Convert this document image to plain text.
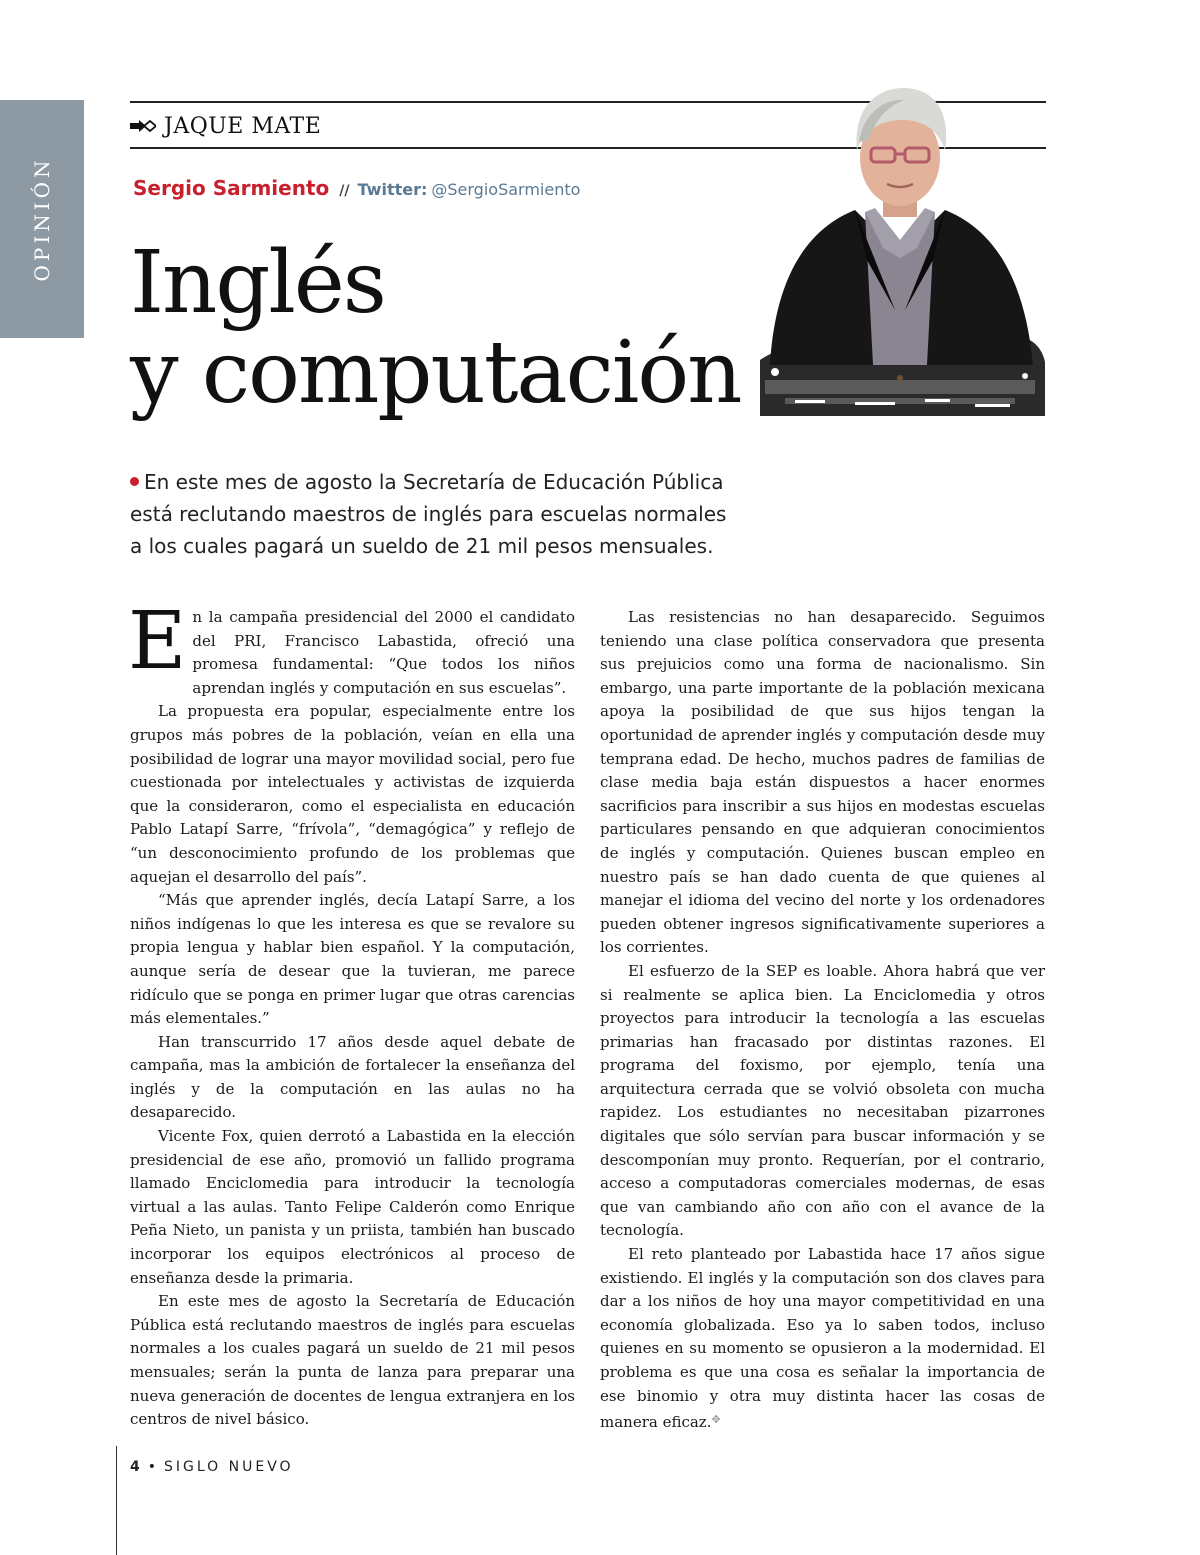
OPINIÓN
JAQUE MATE
Sergio Sarmiento // Twitter: @SergioSarmiento
Inglés
y computación

En este mes de agosto la Secretaría de Educación Pública está reclutando maestros de inglés para escuelas normales a los cuales pagará un sueldo de 21 mil pesos mensuales.

En la campaña presidencial del 2000 el candidato del PRI, Francisco Labastida, ofreció una promesa fundamental: “Que todos los niños aprendan inglés y computación en sus escuelas”.

La propuesta era popular, especialmente entre los grupos más pobres de la población, veían en ella una posibilidad de lograr una mayor movilidad social, pero fue cuestionada por intelectuales y activistas de izquierda que la consideraron, como el especialista en educación Pablo Latapí Sarre, “frívola”, “demagógica” y reflejo de “un desconocimiento profundo de los problemas que aquejan el desarrollo del país”.

“Más que aprender inglés, decía Latapí Sarre, a los niños indígenas lo que les interesa es que se revalore su propia lengua y hablar bien español. Y la computación, aunque sería de desear que la tuvieran, me parece ridículo que se ponga en primer lugar que otras carencias más elementales.”

Han transcurrido 17 años desde aquel debate de campaña, mas la ambición de fortalecer la enseñanza del inglés y de la computación en las aulas no ha desaparecido.

Vicente Fox, quien derrotó a Labastida en la elección presidencial de ese año, promovió un fallido programa llamado Enciclomedia para introducir la tecnología virtual a las aulas. Tanto Felipe Calderón como Enrique Peña Nieto, un panista y un priista, también han buscado incorporar los equipos electrónicos al proceso de enseñanza desde la primaria.

En este mes de agosto la Secretaría de Educación Pública está reclutando maestros de inglés para escuelas normales a los cuales pagará un sueldo de 21 mil pesos mensuales; serán la punta de lanza para preparar una nueva generación de docentes de lengua extranjera en los centros de nivel básico.

Las resistencias no han desaparecido. Seguimos teniendo una clase política conservadora que presenta sus prejuicios como una forma de nacionalismo. Sin embargo, una parte importante de la población mexicana apoya la posibilidad de que sus hijos tengan la oportunidad de aprender inglés y computación desde muy temprana edad. De hecho, muchos padres de familias de clase media baja están dispuestos a hacer enormes sacrificios para inscribir a sus hijos en modestas escuelas particulares pensando en que adquieran conocimientos de inglés y computación. Quienes buscan empleo en nuestro país se han dado cuenta de que quienes al manejar el idioma del vecino del norte y los ordenadores pueden obtener ingresos significativamente superiores a los corrientes.

El esfuerzo de la SEP es loable. Ahora habrá que ver si realmente se aplica bien. La Enciclomedia y otros proyectos para introducir la tecnología a las escuelas primarias han fracasado por distintas razones. El programa del foxismo, por ejemplo, tenía una arquitectura cerrada que se volvió obsoleta con mucha rapidez. Los estudiantes no necesitaban pizarrones digitales que sólo servían para buscar información y se descomponían muy pronto. Requerían, por el contrario, acceso a computadoras comerciales modernas, de esas que van cambiando año con año con el avance de la tecnología.

El reto planteado por Labastida hace 17 años sigue existiendo. El inglés y la computación son dos claves para dar a los niños de hoy una mayor competitividad en una economía globalizada. Eso ya lo saben todos, incluso quienes en su momento se opusieron a la modernidad. El problema es que una cosa es señalar la importancia de ese binomio y otra muy distinta hacer las cosas de manera eficaz.✥

4 • SIGLO NUEVO
